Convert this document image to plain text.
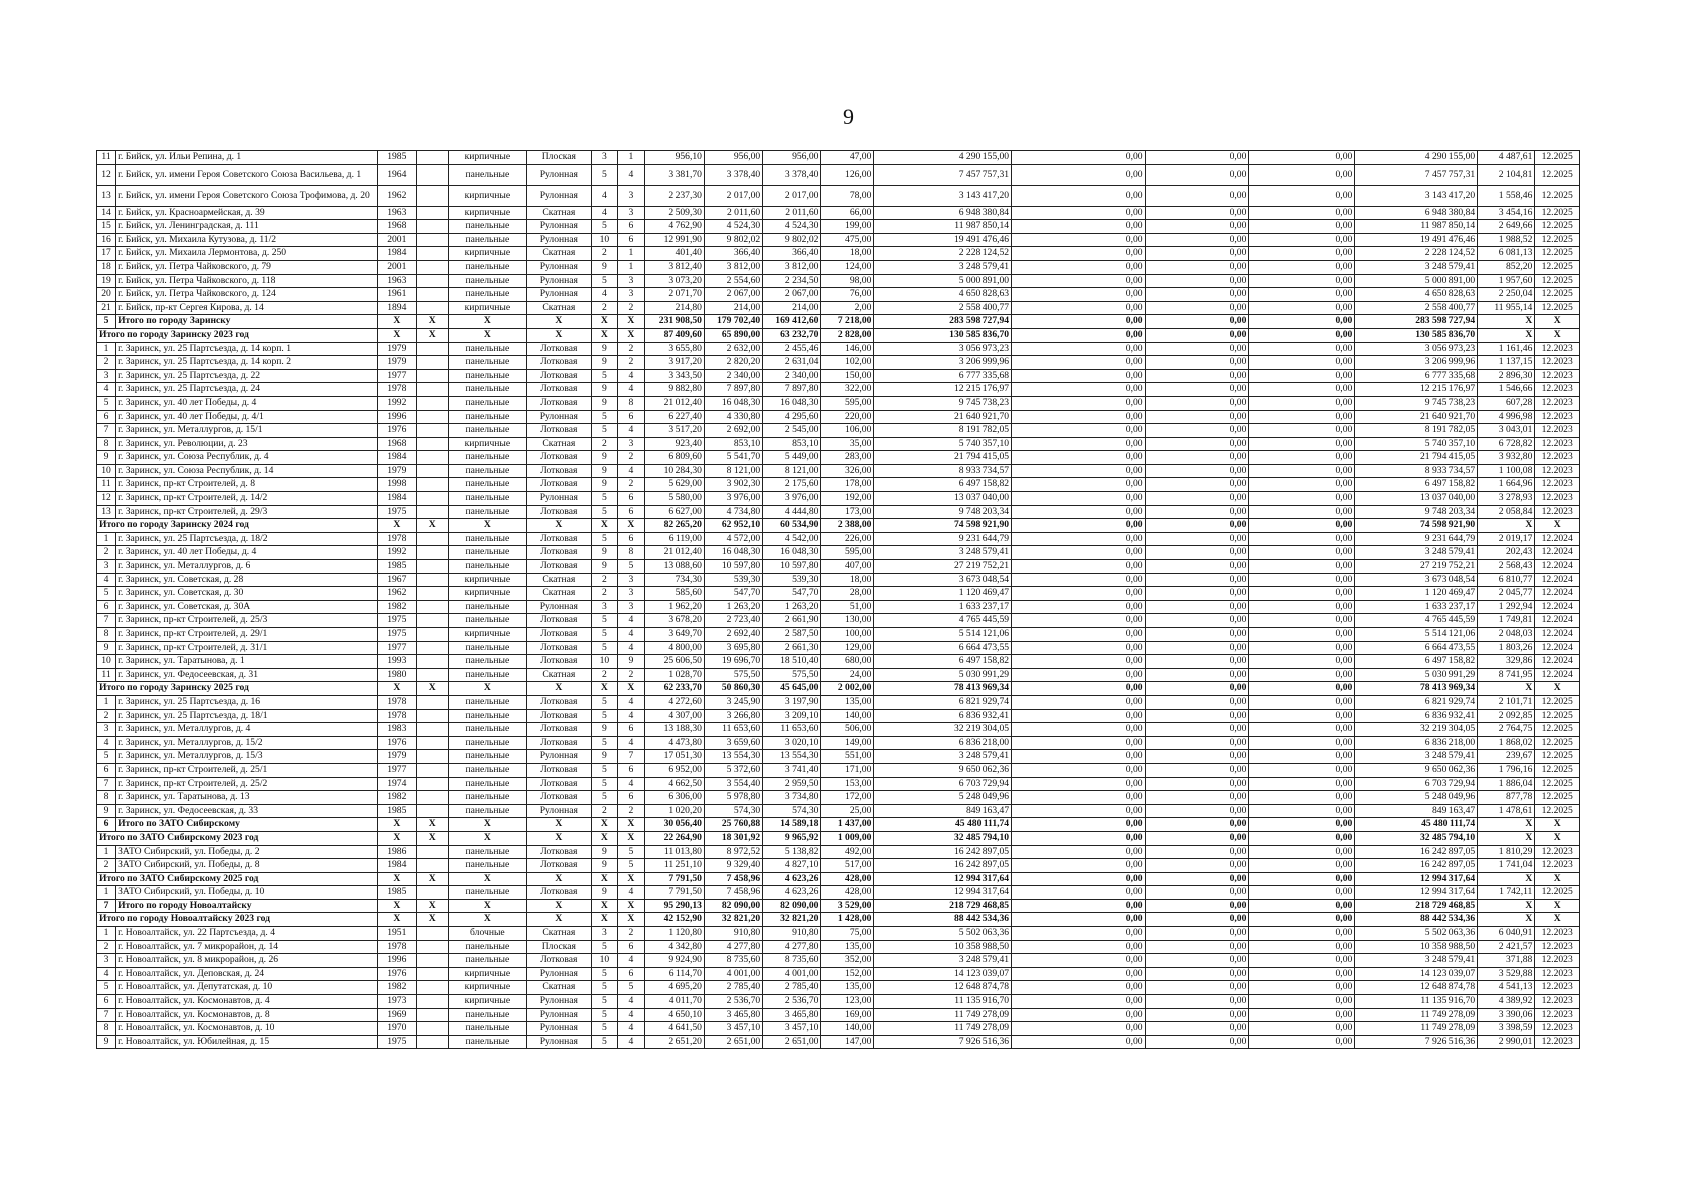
9
11	г. Бийск, ул. Ильи Репина, д. 1	1985		кирпичные	Плоская	3	1	956,10	956,00	956,00	47,00	4 290 155,00	0,00	0,00	0,00	4 290 155,00	4 487,61	12.2025
12	г. Бийск, ул. имени Героя Советского Союза Васильева, д. 1	1964		панельные	Рулонная	5	4	3 381,70	3 378,40	3 378,40	126,00	7 457 757,31	0,00	0,00	0,00	7 457 757,31	2 104,81	12.2025
13	г. Бийск, ул. имени Героя Советского Союза Трофимова, д. 20	1962		кирпичные	Рулонная	4	3	2 237,30	2 017,00	2 017,00	78,00	3 143 417,20	0,00	0,00	0,00	3 143 417,20	1 558,46	12.2025
14	г. Бийск, ул. Красноармейская, д. 39	1963		кирпичные	Скатная	4	3	2 509,30	2 011,60	2 011,60	66,00	6 948 380,84	0,00	0,00	0,00	6 948 380,84	3 454,16	12.2025
15	г. Бийск, ул. Ленинградская, д. 111	1968		панельные	Рулонная	5	6	4 762,90	4 524,30	4 524,30	199,00	11 987 850,14	0,00	0,00	0,00	11 987 850,14	2 649,66	12.2025
16	г. Бийск, ул. Михаила Кутузова, д. 11/2	2001		панельные	Рулонная	10	6	12 991,90	9 802,02	9 802,02	475,00	19 491 476,46	0,00	0,00	0,00	19 491 476,46	1 988,52	12.2025
17	г. Бийск, ул. Михаила Лермонтова, д. 250	1984		кирпичные	Скатная	2	1	401,40	366,40	366,40	18,00	2 228 124,52	0,00	0,00	0,00	2 228 124,52	6 081,13	12.2025
18	г. Бийск, ул. Петра Чайковского, д. 79	2001		панельные	Рулонная	9	1	3 812,40	3 812,00	3 812,00	124,00	3 248 579,41	0,00	0,00	0,00	3 248 579,41	852,20	12.2025
19	г. Бийск, ул. Петра Чайковского, д. 118	1963		панельные	Рулонная	5	3	3 073,20	2 554,60	2 234,50	98,00	5 000 891,00	0,00	0,00	0,00	5 000 891,00	1 957,60	12.2025
20	г. Бийск, ул. Петра Чайковского, д. 124	1961		панельные	Рулонная	4	3	2 071,70	2 067,00	2 067,00	76,00	4 650 828,63	0,00	0,00	0,00	4 650 828,63	2 250,04	12.2025
21	г. Бийск, пр-кт Сергея Кирова, д. 14	1894		кирпичные	Скатная	2	2	214,80	214,00	214,00	2,00	2 558 400,77	0,00	0,00	0,00	2 558 400,77	11 955,14	12.2025
5	Итого по городу Заринску	X	X	X	X	X	X	231 908,50	179 702,40	169 412,60	7 218,00	283 598 727,94	0,00	0,00	0,00	283 598 727,94	X	X
Итого по городу Заринску 2023 год		X	X	X	X	X	X	87 409,60	65 890,00	63 232,70	2 828,00	130 585 836,70	0,00	0,00	0,00	130 585 836,70	X	X
1	г. Заринск, ул. 25 Партсъезда, д. 14 корп. 1	1979		панельные	Лотковая	9	2	3 655,80	2 632,00	2 455,46	146,00	3 056 973,23	0,00	0,00	0,00	3 056 973,23	1 161,46	12.2023
2	г. Заринск, ул. 25 Партсъезда, д. 14 корп. 2	1979		панельные	Лотковая	9	2	3 917,20	2 820,20	2 631,04	102,00	3 206 999,96	0,00	0,00	0,00	3 206 999,96	1 137,15	12.2023
3	г. Заринск, ул. 25 Партсъезда, д. 22	1977		панельные	Лотковая	5	4	3 343,50	2 340,00	2 340,00	150,00	6 777 335,68	0,00	0,00	0,00	6 777 335,68	2 896,30	12.2023
4	г. Заринск, ул. 25 Партсъезда, д. 24	1978		панельные	Лотковая	9	4	9 882,80	7 897,80	7 897,80	322,00	12 215 176,97	0,00	0,00	0,00	12 215 176,97	1 546,66	12.2023
5	г. Заринск, ул. 40 лет Победы, д. 4	1992		панельные	Лотковая	9	8	21 012,40	16 048,30	16 048,30	595,00	9 745 738,23	0,00	0,00	0,00	9 745 738,23	607,28	12.2023
6	г. Заринск, ул. 40 лет Победы, д. 4/1	1996		панельные	Рулонная	5	6	6 227,40	4 330,80	4 295,60	220,00	21 640 921,70	0,00	0,00	0,00	21 640 921,70	4 996,98	12.2023
7	г. Заринск, ул. Металлургов, д. 15/1	1976		панельные	Лотковая	5	4	3 517,20	2 692,00	2 545,00	106,00	8 191 782,05	0,00	0,00	0,00	8 191 782,05	3 043,01	12.2023
8	г. Заринск, ул. Революции, д. 23	1968		кирпичные	Скатная	2	3	923,40	853,10	853,10	35,00	5 740 357,10	0,00	0,00	0,00	5 740 357,10	6 728,82	12.2023
9	г. Заринск, ул. Союза Республик, д. 4	1984		панельные	Лотковая	9	2	6 809,60	5 541,70	5 449,00	283,00	21 794 415,05	0,00	0,00	0,00	21 794 415,05	3 932,80	12.2023
10	г. Заринск, ул. Союза Республик, д. 14	1979		панельные	Лотковая	9	4	10 284,30	8 121,00	8 121,00	326,00	8 933 734,57	0,00	0,00	0,00	8 933 734,57	1 100,08	12.2023
11	г. Заринск, пр-кт Строителей, д. 8	1998		панельные	Лотковая	9	2	5 629,00	3 902,30	2 175,60	178,00	6 497 158,82	0,00	0,00	0,00	6 497 158,82	1 664,96	12.2023
12	г. Заринск, пр-кт Строителей, д. 14/2	1984		панельные	Рулонная	5	6	5 580,00	3 976,00	3 976,00	192,00	13 037 040,00	0,00	0,00	0,00	13 037 040,00	3 278,93	12.2023
13	г. Заринск, пр-кт Строителей, д. 29/3	1975		панельные	Лотковая	5	6	6 627,00	4 734,80	4 444,80	173,00	9 748 203,34	0,00	0,00	0,00	9 748 203,34	2 058,84	12.2023
Итого по городу Заринску 2024 год		X	X	X	X	X	X	82 265,20	62 952,10	60 534,90	2 388,00	74 598 921,90	0,00	0,00	0,00	74 598 921,90	X	X
1	г. Заринск, ул. 25 Партсъезда, д. 18/2	1978		панельные	Лотковая	5	6	6 119,00	4 572,00	4 542,00	226,00	9 231 644,79	0,00	0,00	0,00	9 231 644,79	2 019,17	12.2024
2	г. Заринск, ул. 40 лет Победы, д. 4	1992		панельные	Лотковая	9	8	21 012,40	16 048,30	16 048,30	595,00	3 248 579,41	0,00	0,00	0,00	3 248 579,41	202,43	12.2024
3	г. Заринск, ул. Металлургов, д. 6	1985		панельные	Лотковая	9	5	13 088,60	10 597,80	10 597,80	407,00	27 219 752,21	0,00	0,00	0,00	27 219 752,21	2 568,43	12.2024
4	г. Заринск, ул. Советская, д. 28	1967		кирпичные	Скатная	2	3	734,30	539,30	539,30	18,00	3 673 048,54	0,00	0,00	0,00	3 673 048,54	6 810,77	12.2024
5	г. Заринск, ул. Советская, д. 30	1962		кирпичные	Скатная	2	3	585,60	547,70	547,70	28,00	1 120 469,47	0,00	0,00	0,00	1 120 469,47	2 045,77	12.2024
6	г. Заринск, ул. Советская, д. 30А	1982		панельные	Рулонная	3	3	1 962,20	1 263,20	1 263,20	51,00	1 633 237,17	0,00	0,00	0,00	1 633 237,17	1 292,94	12.2024
7	г. Заринск, пр-кт Строителей, д. 25/3	1975		панельные	Лотковая	5	4	3 678,20	2 723,40	2 661,90	130,00	4 765 445,59	0,00	0,00	0,00	4 765 445,59	1 749,81	12.2024
8	г. Заринск, пр-кт Строителей, д. 29/1	1975		кирпичные	Лотковая	5	4	3 649,70	2 692,40	2 587,50	100,00	5 514 121,06	0,00	0,00	0,00	5 514 121,06	2 048,03	12.2024
9	г. Заринск, пр-кт Строителей, д. 31/1	1977		панельные	Лотковая	5	4	4 800,00	3 695,80	2 661,30	129,00	6 664 473,55	0,00	0,00	0,00	6 664 473,55	1 803,26	12.2024
10	г. Заринск, ул. Таратынова, д. 1	1993		панельные	Лотковая	10	9	25 606,50	19 696,70	18 510,40	680,00	6 497 158,82	0,00	0,00	0,00	6 497 158,82	329,86	12.2024
11	г. Заринск, ул. Федосеевская, д. 31	1980		панельные	Скатная	2	2	1 028,70	575,50	575,50	24,00	5 030 991,29	0,00	0,00	0,00	5 030 991,29	8 741,95	12.2024
Итого по городу Заринску 2025 год		X	X	X	X	X	X	62 233,70	50 860,30	45 645,00	2 002,00	78 413 969,34	0,00	0,00	0,00	78 413 969,34	X	X
1	г. Заринск, ул. 25 Партсъезда, д. 16	1978		панельные	Лотковая	5	4	4 272,60	3 245,90	3 197,90	135,00	6 821 929,74	0,00	0,00	0,00	6 821 929,74	2 101,71	12.2025
2	г. Заринск, ул. 25 Партсъезда, д. 18/1	1978		панельные	Лотковая	5	4	4 307,00	3 266,80	3 209,10	140,00	6 836 932,41	0,00	0,00	0,00	6 836 932,41	2 092,85	12.2025
3	г. Заринск, ул. Металлургов, д. 4	1983		панельные	Лотковая	9	6	13 188,30	11 653,60	11 653,60	506,00	32 219 304,05	0,00	0,00	0,00	32 219 304,05	2 764,75	12.2025
4	г. Заринск, ул. Металлургов, д. 15/2	1976		панельные	Лотковая	5	4	4 473,80	3 659,60	3 020,10	149,00	6 836 218,00	0,00	0,00	0,00	6 836 218,00	1 868,02	12.2025
5	г. Заринск, ул. Металлургов, д. 15/3	1979		панельные	Рулонная	9	7	17 051,30	13 554,30	13 554,30	551,00	3 248 579,41	0,00	0,00	0,00	3 248 579,41	239,67	12.2025
6	г. Заринск, пр-кт Строителей, д. 25/1	1977		панельные	Лотковая	5	6	6 952,00	5 372,60	3 741,40	171,00	9 650 062,36	0,00	0,00	0,00	9 650 062,36	1 796,16	12.2025
7	г. Заринск, пр-кт Строителей, д. 25/2	1974		панельные	Лотковая	5	4	4 662,50	3 554,40	2 959,50	153,00	6 703 729,94	0,00	0,00	0,00	6 703 729,94	1 886,04	12.2025
8	г. Заринск, ул. Таратынова, д. 13	1982		панельные	Лотковая	5	6	6 306,00	5 978,80	3 734,80	172,00	5 248 049,96	0,00	0,00	0,00	5 248 049,96	877,78	12.2025
9	г. Заринск, ул. Федосеевская, д. 33	1985		панельные	Рулонная	2	2	1 020,20	574,30	574,30	25,00	849 163,47	0,00	0,00	0,00	849 163,47	1 478,61	12.2025
6	Итого по ЗАТО Сибирскому	X	X	X	X	X	X	30 056,40	25 760,88	14 589,18	1 437,00	45 480 111,74	0,00	0,00	0,00	45 480 111,74	X	X
Итого по ЗАТО Сибирскому 2023 год		X	X	X	X	X	X	22 264,90	18 301,92	9 965,92	1 009,00	32 485 794,10	0,00	0,00	0,00	32 485 794,10	X	X
1	ЗАТО Сибирский, ул. Победы, д. 2	1986		панельные	Лотковая	9	5	11 013,80	8 972,52	5 138,82	492,00	16 242 897,05	0,00	0,00	0,00	16 242 897,05	1 810,29	12.2023
2	ЗАТО Сибирский, ул. Победы, д. 8	1984		панельные	Лотковая	9	5	11 251,10	9 329,40	4 827,10	517,00	16 242 897,05	0,00	0,00	0,00	16 242 897,05	1 741,04	12.2023
Итого по ЗАТО Сибирскому 2025 год		X	X	X	X	X	X	7 791,50	7 458,96	4 623,26	428,00	12 994 317,64	0,00	0,00	0,00	12 994 317,64	X	X
1	ЗАТО Сибирский, ул. Победы, д. 10	1985		панельные	Лотковая	9	4	7 791,50	7 458,96	4 623,26	428,00	12 994 317,64	0,00	0,00	0,00	12 994 317,64	1 742,11	12.2025
7	Итого по городу Новоалтайску	X	X	X	X	X	X	95 290,13	82 090,00	82 090,00	3 529,00	218 729 468,85	0,00	0,00	0,00	218 729 468,85	X	X
Итого по городу Новоалтайску 2023 год		X	X	X	X	X	X	42 152,90	32 821,20	32 821,20	1 428,00	88 442 534,36	0,00	0,00	0,00	88 442 534,36	X	X
1	г. Новоалтайск, ул. 22 Партсъезда, д. 4	1951		блочные	Скатная	3	2	1 120,80	910,80	910,80	75,00	5 502 063,36	0,00	0,00	0,00	5 502 063,36	6 040,91	12.2023
2	г. Новоалтайск, ул. 7 микрорайон, д. 14	1978		панельные	Плоская	5	6	4 342,80	4 277,80	4 277,80	135,00	10 358 988,50	0,00	0,00	0,00	10 358 988,50	2 421,57	12.2023
3	г. Новоалтайск, ул. 8 микрорайон, д. 26	1996		панельные	Лотковая	10	4	9 924,90	8 735,60	8 735,60	352,00	3 248 579,41	0,00	0,00	0,00	3 248 579,41	371,88	12.2023
4	г. Новоалтайск, ул. Деповская, д. 24	1976		кирпичные	Рулонная	5	6	6 114,70	4 001,00	4 001,00	152,00	14 123 039,07	0,00	0,00	0,00	14 123 039,07	3 529,88	12.2023
5	г. Новоалтайск, ул. Депутатская, д. 10	1982		кирпичные	Скатная	5	5	4 695,20	2 785,40	2 785,40	135,00	12 648 874,78	0,00	0,00	0,00	12 648 874,78	4 541,13	12.2023
6	г. Новоалтайск, ул. Космонавтов, д. 4	1973		кирпичные	Рулонная	5	4	4 011,70	2 536,70	2 536,70	123,00	11 135 916,70	0,00	0,00	0,00	11 135 916,70	4 389,92	12.2023
7	г. Новоалтайск, ул. Космонавтов, д. 8	1969		панельные	Рулонная	5	4	4 650,10	3 465,80	3 465,80	169,00	11 749 278,09	0,00	0,00	0,00	11 749 278,09	3 390,06	12.2023
8	г. Новоалтайск, ул. Космонавтов, д. 10	1970		панельные	Рулонная	5	4	4 641,50	3 457,10	3 457,10	140,00	11 749 278,09	0,00	0,00	0,00	11 749 278,09	3 398,59	12.2023
9	г. Новоалтайск, ул. Юбилейная, д. 15	1975		панельные	Рулонная	5	4	2 651,20	2 651,00	2 651,00	147,00	7 926 516,36	0,00	0,00	0,00	7 926 516,36	2 990,01	12.2023
